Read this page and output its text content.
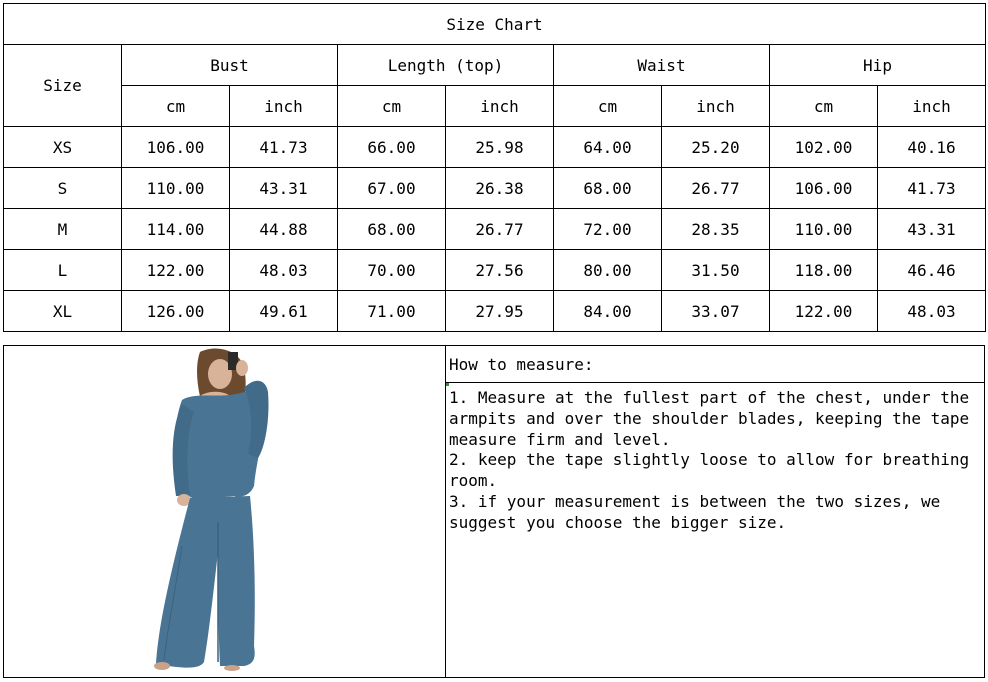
Size Chart								
Size	Bust		Length (top)		Waist		Hip	
	cm	inch	cm	inch	cm	inch	cm	inch
XS	106.00	41.73	66.00	25.98	64.00	25.20	102.00	40.16
S	110.00	43.31	67.00	26.38	68.00	26.77	106.00	41.73
M	114.00	44.88	68.00	26.77	72.00	28.35	110.00	43.31
L	122.00	48.03	70.00	27.56	80.00	31.50	118.00	46.46
XL	126.00	49.61	71.00	27.95	84.00	33.07	122.00	48.03
How to measure:

1. Measure at the fullest part of the chest, under the armpits and over the shoulder blades, keeping the tape measure firm and level.

2. keep the tape slightly loose to allow for breathing room.

3. if your measurement is between the two sizes, we suggest you choose the bigger size.
